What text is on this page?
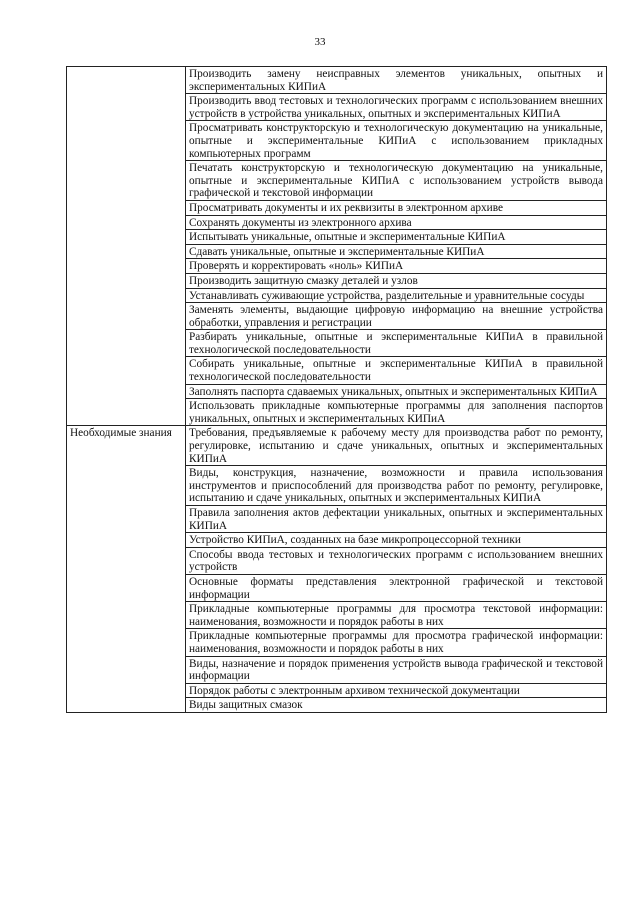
33
	Производить замену неисправных элементов уникальных, опытных и экспериментальных КИПиА
	Производить ввод тестовых и технологических программ с использованием внешних устройств в устройства уникальных, опытных и экспериментальных КИПиА
	Просматривать конструкторскую и технологическую документацию на уникальные, опытные и экспериментальные КИПиА с использованием прикладных компьютерных программ
	Печатать конструкторскую и технологическую документацию на уникальные, опытные и экспериментальные КИПиА с использованием устройств вывода графической и текстовой информации
	Просматривать документы и их реквизиты в электронном архиве
	Сохранять документы из электронного архива
	Испытывать уникальные, опытные и экспериментальные КИПиА
	Сдавать уникальные, опытные и экспериментальные КИПиА
	Проверять и корректировать «ноль» КИПиА
	Производить защитную смазку деталей и узлов
	Устанавливать суживающие устройства, разделительные и уравнительные сосуды
	Заменять элементы, выдающие цифровую информацию на внешние устройства обработки, управления и регистрации
	Разбирать уникальные, опытные и экспериментальные КИПиА в правильной технологической последовательности
	Собирать уникальные, опытные и экспериментальные КИПиА в правильной технологической последовательности
	Заполнять паспорта сдаваемых уникальных, опытных и экспериментальных КИПиА
	Использовать прикладные компьютерные программы для заполнения паспортов уникальных, опытных и экспериментальных КИПиА
Необходимые знания	Требования, предъявляемые к рабочему месту для производства работ по ремонту, регулировке, испытанию и сдаче уникальных, опытных и экспериментальных КИПиА
	Виды, конструкция, назначение, возможности и правила использования инструментов и приспособлений для производства работ по ремонту, регулировке, испытанию и сдаче уникальных, опытных и экспериментальных КИПиА
	Правила заполнения актов дефектации уникальных, опытных и экспериментальных КИПиА
	Устройство КИПиА, созданных на базе микропроцессорной техники
	Способы ввода тестовых и технологических программ с использованием внешних устройств
	Основные форматы представления электронной графической и текстовой информации
	Прикладные компьютерные программы для просмотра текстовой информации: наименования, возможности и порядок работы в них
	Прикладные компьютерные программы для просмотра графической информации: наименования, возможности и порядок работы в них
	Виды, назначение и порядок применения устройств вывода графической и текстовой информации
	Порядок работы с электронным архивом технической документации
	Виды защитных смазок
